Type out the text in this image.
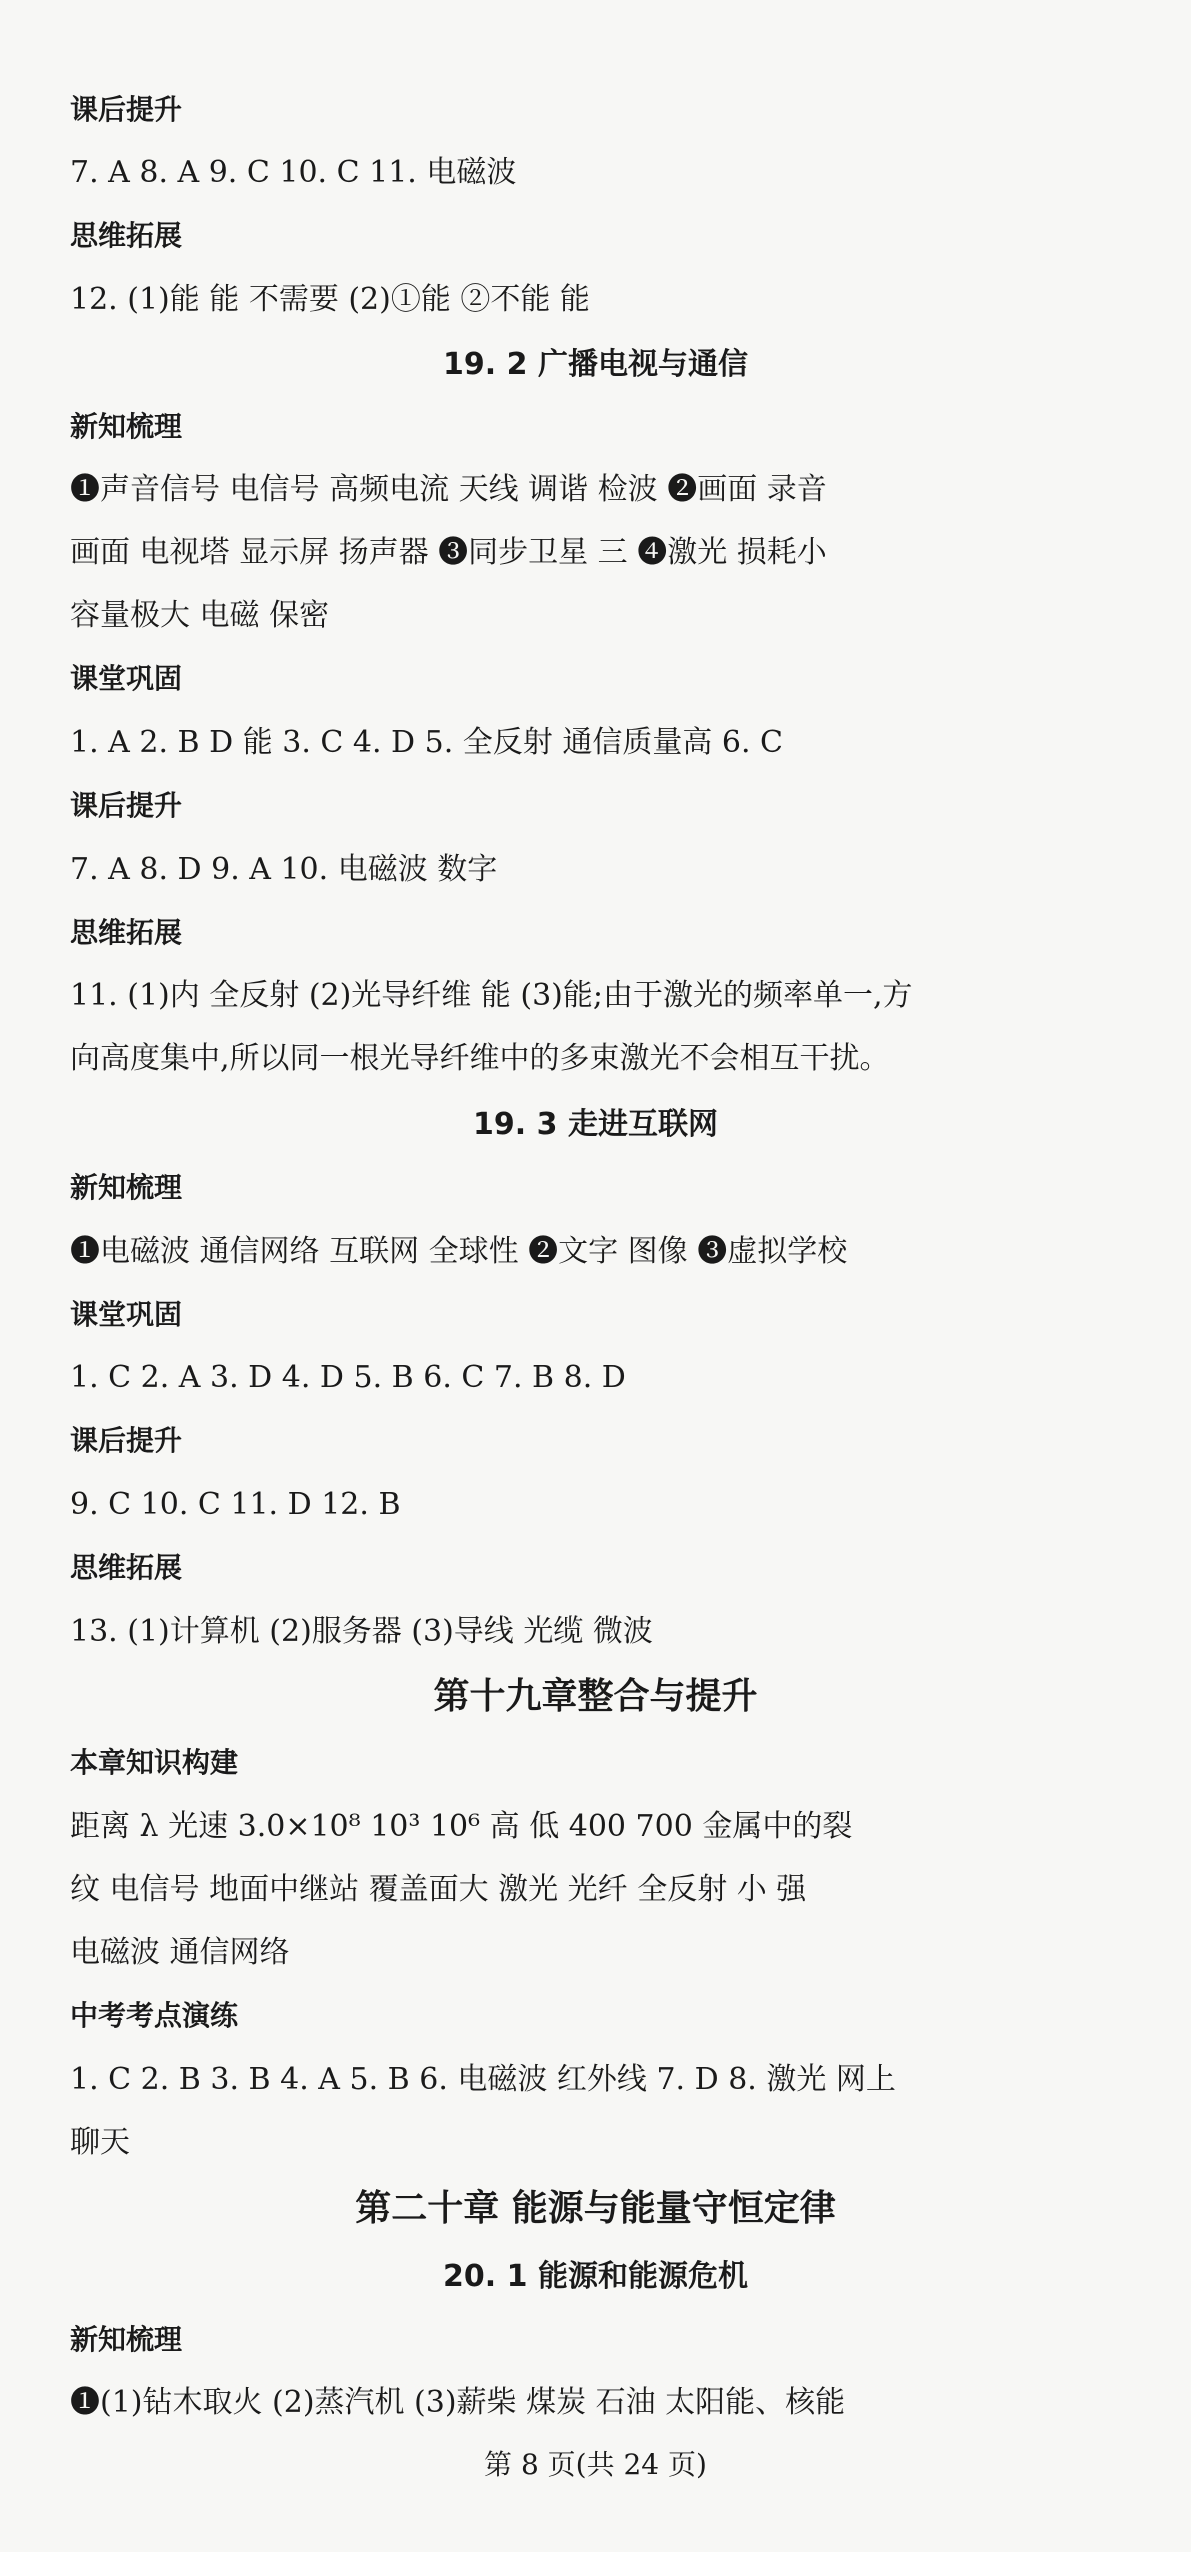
课后提升
7. A 8. A 9. C 10. C 11. 电磁波
思维拓展
12. (1)能 能 不需要 (2)①能 ②不能 能
19. 2 广播电视与通信
新知梳理
❶声音信号 电信号 高频电流 天线 调谐 检波 ❷画面 录音
画面 电视塔 显示屏 扬声器 ❸同步卫星 三 ❹激光 损耗小
容量极大 电磁 保密
课堂巩固
1. A 2. B D 能 3. C 4. D 5. 全反射 通信质量高 6. C
课后提升
7. A 8. D 9. A 10. 电磁波 数字
思维拓展
11. (1)内 全反射 (2)光导纤维 能 (3)能;由于激光的频率单一,方
向高度集中,所以同一根光导纤维中的多束激光不会相互干扰。
19. 3 走进互联网
新知梳理
❶电磁波 通信网络 互联网 全球性 ❷文字 图像 ❸虚拟学校
课堂巩固
1. C 2. A 3. D 4. D 5. B 6. C 7. B 8. D
课后提升
9. C 10. C 11. D 12. B
思维拓展
13. (1)计算机 (2)服务器 (3)导线 光缆 微波
第十九章整合与提升
本章知识构建
距离 λ 光速 3.0×10⁸ 10³ 10⁶ 高 低 400 700 金属中的裂
纹 电信号 地面中继站 覆盖面大 激光 光纤 全反射 小 强
电磁波 通信网络
中考考点演练
1. C 2. B 3. B 4. A 5. B 6. 电磁波 红外线 7. D 8. 激光 网上
聊天
第二十章 能源与能量守恒定律
20. 1 能源和能源危机
新知梳理
❶(1)钻木取火 (2)蒸汽机 (3)薪柴 煤炭 石油 太阳能、核能
第 8 页(共 24 页)
